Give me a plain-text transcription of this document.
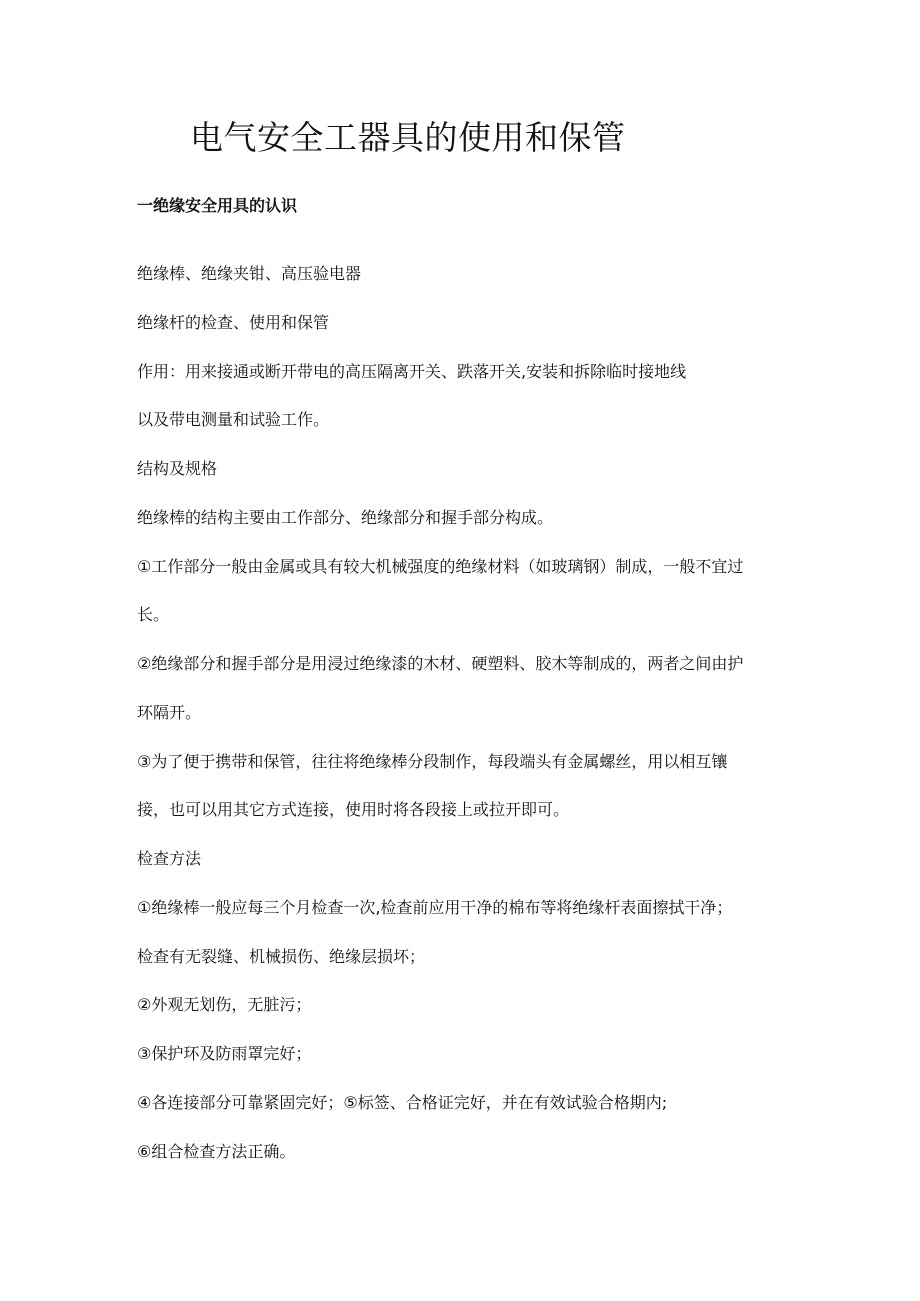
电气安全工器具的使用和保管
一绝缘安全用具的认识

绝缘棒、绝缘夹钳、高压验电器

绝缘杆的检查、使用和保管

作用：用来接通或断开带电的高压隔离开关、跌落开关,安装和拆除临时接地线

以及带电测量和试验工作。

结构及规格

绝缘棒的结构主要由工作部分、绝缘部分和握手部分构成。

①工作部分一般由金属或具有较大机械强度的绝缘材料（如玻璃钢）制成，一般不宜过

长。

②绝缘部分和握手部分是用浸过绝缘漆的木材、硬塑料、胶木等制成的，两者之间由护

环隔开。

③为了便于携带和保管，往往将绝缘棒分段制作，每段端头有金属螺丝，用以相互镶

接，也可以用其它方式连接，使用时将各段接上或拉开即可。

检查方法

①绝缘棒一般应每三个月检查一次,检查前应用干净的棉布等将绝缘杆表面擦拭干净；

检查有无裂缝、机械损伤、绝缘层损坏；

②外观无划伤，无脏污；

③保护环及防雨罩完好；

④各连接部分可靠紧固完好；⑤标签、合格证完好，并在有效试验合格期内;

⑥组合检查方法正确。
